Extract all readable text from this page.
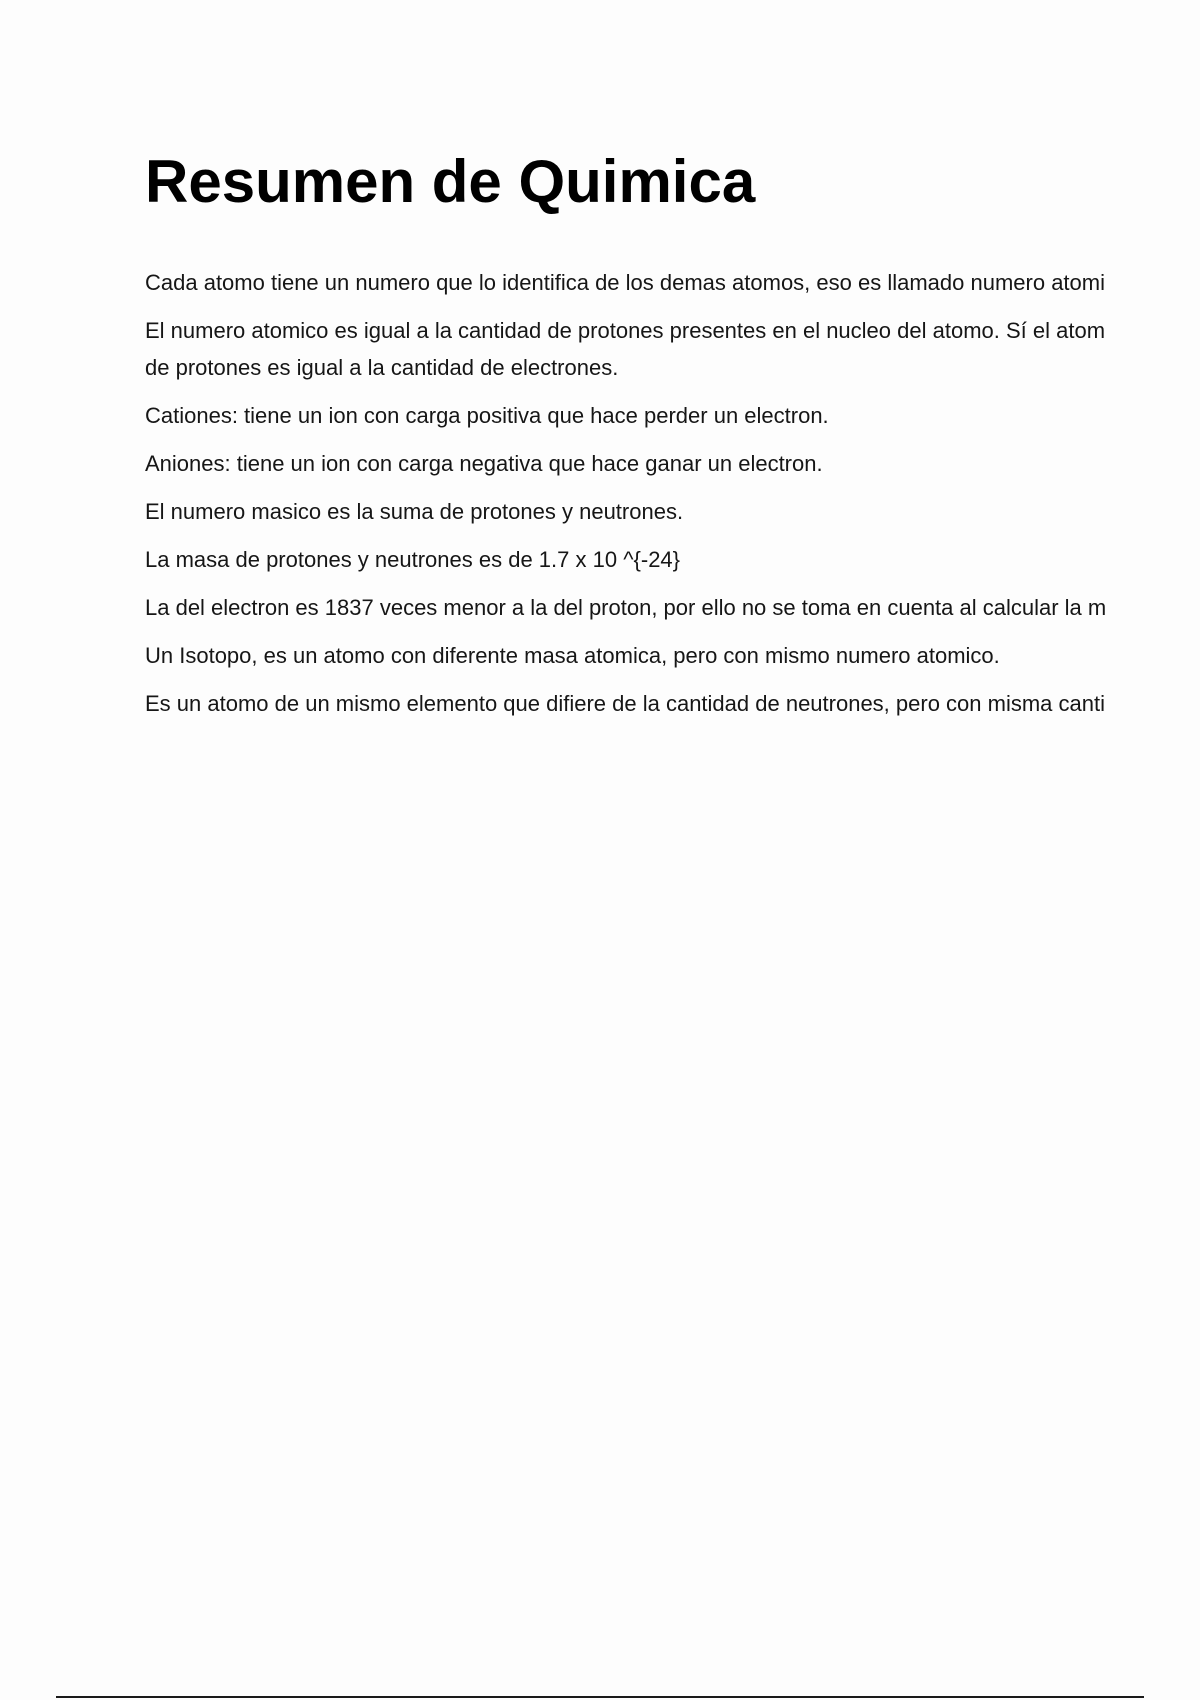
Resumen de Quimica

Cada atomo tiene un numero que lo identifica de los demas atomos, eso es llamado numero atomi

El numero atomico es igual a la cantidad de protones presentes en el nucleo del atomo. Sí el atom
de protones es igual a la cantidad de electrones.

Cationes: tiene un ion con carga positiva que hace perder un electron.

Aniones: tiene un ion con carga negativa que hace ganar un electron.

El numero masico es la suma de protones y neutrones.

La masa de protones y neutrones es de 1.7 x 10 ^{-24}

La del electron es 1837 veces menor a la del proton, por ello no se toma en cuenta al calcular la m

Un Isotopo, es un atomo con diferente masa atomica, pero con mismo numero atomico.

Es un atomo de un mismo elemento que difiere de la cantidad de neutrones, pero con misma canti
